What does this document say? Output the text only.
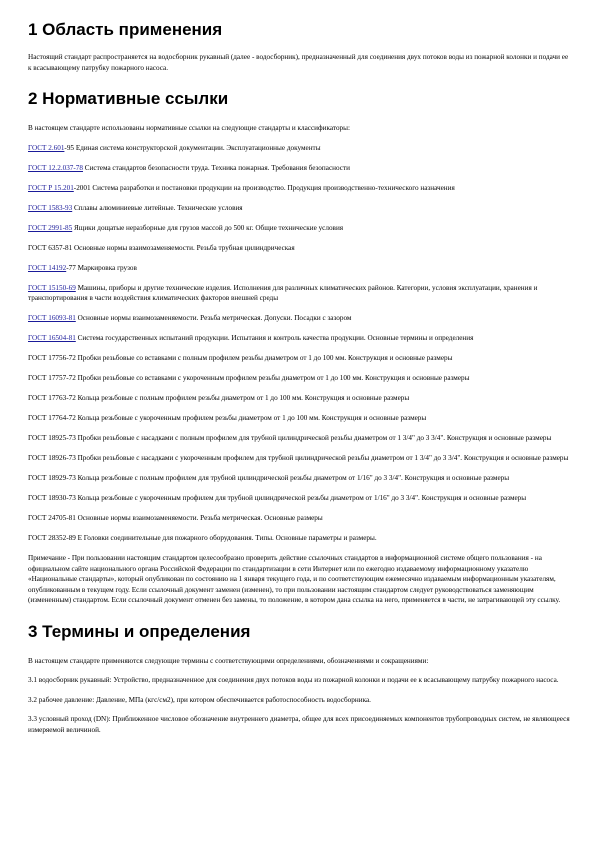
1 Область применения

Настоящий стандарт распространяется на водосборник рукавный (далее - водосборник), предназначенный для соединения двух потоков воды из пожарной колонки и подачи ее к всасывающему патрубку пожарного насоса.

2 Нормативные ссылки

В настоящем стандарте использованы нормативные ссылки на следующие стандарты и классификаторы:

ГОСТ 2.601-95 Единая система конструкторской документации. Эксплуатационные документы

ГОСТ 12.2.037-78 Система стандартов безопасности труда. Техника пожарная. Требования безопасности

ГОСТ Р 15.201-2001 Система разработки и постановки продукции на производство. Продукция производственно-технического назначения

ГОСТ 1583-93 Сплавы алюминиевые литейные. Технические условия

ГОСТ 2991-85 Ящики дощатые неразборные для грузов массой до 500 кг. Общие технические условия

ГОСТ 6357-81 Основные нормы взаимозаменяемости. Резьба трубная цилиндрическая

ГОСТ 14192-77 Маркировка грузов

ГОСТ 15150-69 Машины, приборы и другие технические изделия. Исполнения для различных климатических районов. Категории, условия эксплуатации, хранения и транспортирования в части воздействия климатических факторов внешней среды

ГОСТ 16093-81 Основные нормы взаимозаменяемости. Резьба метрическая. Допуски. Посадки с зазором

ГОСТ 16504-81 Система государственных испытаний продукции. Испытания и контроль качества продукции. Основные термины и определения

ГОСТ 17756-72 Пробки резьбовые со вставками с полным профилем резьбы диаметром от 1 до 100 мм. Конструкция и основные размеры

ГОСТ 17757-72 Пробки резьбовые со вставками с укороченным профилем резьбы диаметром от 1 до 100 мм. Конструкция и основные размеры

ГОСТ 17763-72 Кольца резьбовые с полным профилем резьбы диаметром от 1 до 100 мм. Конструкция и основные размеры

ГОСТ 17764-72 Кольца резьбовые с укороченным профилем резьбы диаметром от 1 до 100 мм. Конструкция и основные размеры

ГОСТ 18925-73 Пробки резьбовые с насадками с полным профилем для трубной цилиндрической резьбы диаметром от 1 3/4" до 3 3/4". Конструкция и основные размеры

ГОСТ 18926-73 Пробки резьбовые с насадками с укороченным профилем для трубной цилиндрической резьбы диаметром от 1 3/4" до 3 3/4". Конструкция и основные размеры

ГОСТ 18929-73 Кольца резьбовые с полным профилем для трубной цилиндрической резьбы диаметром от 1/16" до 3 3/4". Конструкция и основные размеры

ГОСТ 18930-73 Кольца резьбовые с укороченным профилем для трубной цилиндрической резьбы диаметром от 1/16" до 3 3/4". Конструкция и основные размеры

ГОСТ 24705-81 Основные нормы взаимозаменяемости. Резьба метрическая. Основные размеры

ГОСТ 28352-89 Е Головки соединительные для пожарного оборудования. Типы. Основные параметры и размеры.

Примечание - При пользовании настоящим стандартом целесообразно проверить действие ссылочных стандартов в информационной системе общего пользования - на официальном сайте национального органа Российской Федерации по стандартизации в сети Интернет или по ежегодно издаваемому информационному указателю «Национальные стандарты», который опубликован по состоянию на 1 января текущего года, и по соответствующим ежемесячно издаваемым информационным указателям, опубликованным в текущем году. Если ссылочный документ заменен (изменен), то при пользовании настоящим стандартом следует руководствоваться заменяющим (измененным) стандартом. Если ссылочный документ отменен без замены, то положение, в котором дана ссылка на него, применяется в части, не затрагивающей эту ссылку.

3 Термины и определения

В настоящем стандарте применяются следующие термины с соответствующими определениями, обозначениями и сокращениями:

3.1 водосборник рукавный: Устройство, предназначенное для соединения двух потоков воды из пожарной колонки и подачи ее к всасывающему патрубку пожарного насоса.

3.2 рабочее давление: Давление, МПа (кгс/см2), при котором обеспечивается работоспособность водосборника.

3.3 условный проход (DN): Приближенное числовое обозначение внутреннего диаметра, общее для всех присоединяемых компонентов трубопроводных систем, не являющееся измеряемой величиной.
